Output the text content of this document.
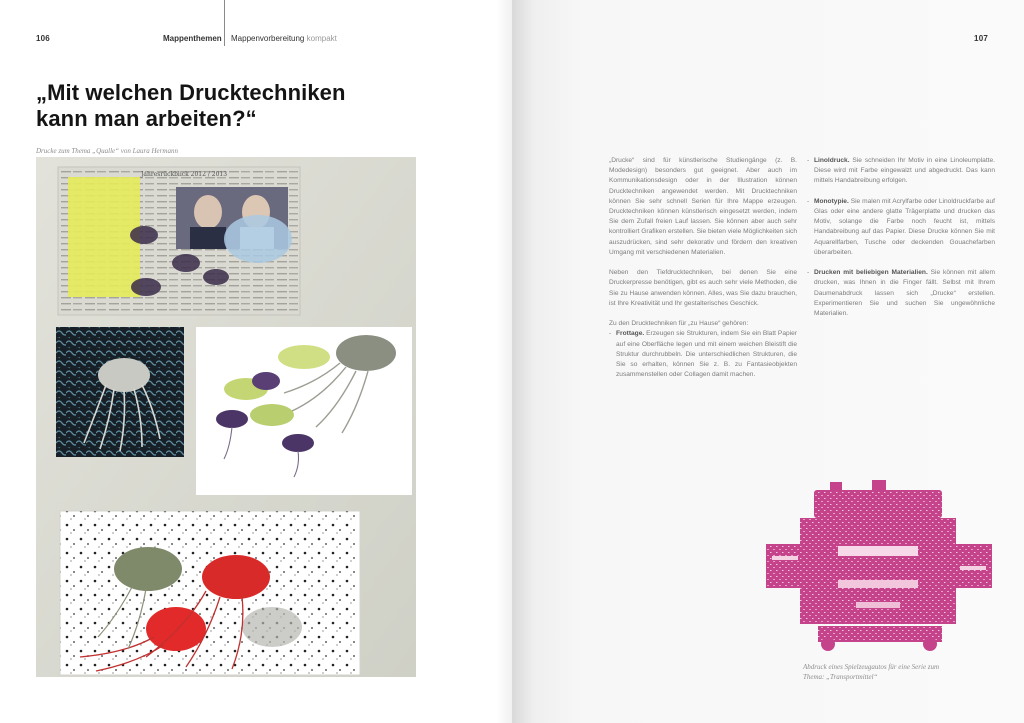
106	Mappenthemen Mappenvorbereitung kompakt
„Mit welchen Drucktechniken
kann man arbeiten?“
Drucke zum Thema „Qualle“ von Laura Hermann
Jahresrückblick 2012 / 2013
107

„Drucke“ sind für künstlerische Studiengänge (z. B. Modedesign) besonders gut geeignet. Aber auch im Kommunikationsdesign oder in der Illustration können Drucktechniken angewendet werden. Mit Drucktechniken können Sie sehr schnell Serien für Ihre Mappe erzeugen. Drucktechniken können künstlerisch eingesetzt werden, indem Sie dem Zufall freien Lauf lassen. Sie können aber auch sehr kontrolliert Grafiken erstellen. Sie bieten viele Möglichkeiten sich auszudrücken, sind sehr dekorativ und fördern den kreativen Umgang mit verschiedenen Materialien.

Neben den Tiefdrucktechniken, bei denen Sie eine Druckerpresse benötigen, gibt es auch sehr viele Methoden, die Sie zu Hause anwenden können. Alles, was Sie dazu brauchen, ist Ihre Kreativität und Ihr gestalterisches Geschick.

Zu den Drucktechniken für „zu Hause“ gehören:
- Frottage. Erzeugen sie Strukturen, indem Sie ein Blatt Papier auf eine Oberfläche legen und mit einem weichen Bleistift die Struktur durchrubbeln. Die unterschiedlichen Strukturen, die Sie so erhalten, können Sie z. B. zu Fantasieobjekten zusammenstellen oder Collagen damit machen.
- Linoldruck. Sie schneiden Ihr Motiv in eine Linoleumplatte. Diese wird mit Farbe eingewalzt und abgedruckt. Das kann mittels Handabreibung erfolgen.
- Monotypie. Sie malen mit Acrylfarbe oder Linoldruckfarbe auf Glas oder eine andere glatte Trägerplatte und drucken das Motiv, solange die Farbe noch feucht ist, mittels Handabreibung auf das Papier. Diese Drucke können Sie mit Aquarellfarben, Tusche oder deckenden Gouachefarben überarbeiten.
- Drucken mit beliebigen Materialien. Sie können mit allem drucken, was Ihnen in die Finger fällt. Selbst mit Ihrem Daumenabdruck lassen sich „Drucke“ erstellen. Experimentieren Sie und suchen Sie ungewöhnliche Materialien.
Abdruck eines Spielzeugautos für eine Serie zum
Thema: „Transportmittel“
